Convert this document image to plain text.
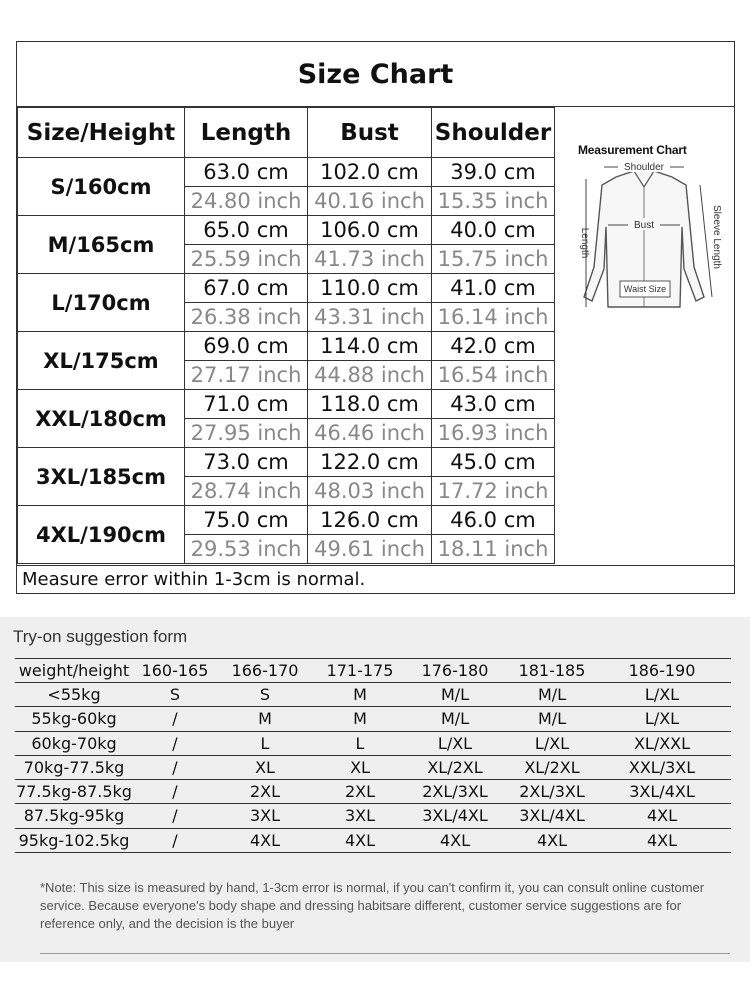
Size Chart
Size/Height	Length	Bust	Shoulder
S/160cm	63.0 cm	102.0 cm	39.0 cm
	24.80 inch	40.16 inch	15.35 inch
M/165cm	65.0 cm	106.0 cm	40.0 cm
	25.59 inch	41.73 inch	15.75 inch
L/170cm	67.0 cm	110.0 cm	41.0 cm
	26.38 inch	43.31 inch	16.14 inch
XL/175cm	69.0 cm	114.0 cm	42.0 cm
	27.17 inch	44.88 inch	16.54 inch
XXL/180cm	71.0 cm	118.0 cm	43.0 cm
	27.95 inch	46.46 inch	16.93 inch
3XL/185cm	73.0 cm	122.0 cm	45.0 cm
	28.74 inch	48.03 inch	17.72 inch
4XL/190cm	75.0 cm	126.0 cm	46.0 cm
	29.53 inch	49.61 inch	18.11 inch
Measurement Chart
Shoulder
Bust
Waist Size
Length	Sleeve Length
Measure error within 1-3cm is normal.
Try-on suggestion form
weight/height 160-165	166-170	171-175	176-180	181-185	186-190
<55kg	S	S	M	M/L	M/L	L/XL
55kg-60kg	/	M	M	M/L	M/L	L/XL
60kg-70kg	/	L	L	L/XL	L/XL	XL/XXL
70kg-77.5kg	/	XL	XL	XL/2XL	XL/2XL	XXL/3XL
77.5kg-87.5kg	/	2XL	2XL	2XL/3XL	2XL/3XL	3XL/4XL
87.5kg-95kg	/	3XL	3XL	3XL/4XL	3XL/4XL	4XL
95kg-102.5kg	/	4XL	4XL	4XL	4XL	4XL
*Note: This size is measured by hand, 1-3cm error is normal, if you can't confirm it, you can consult online customer service. Because everyone's body shape and dressing habitsare different, customer service suggestions are for reference only, and the decision is the buyer
